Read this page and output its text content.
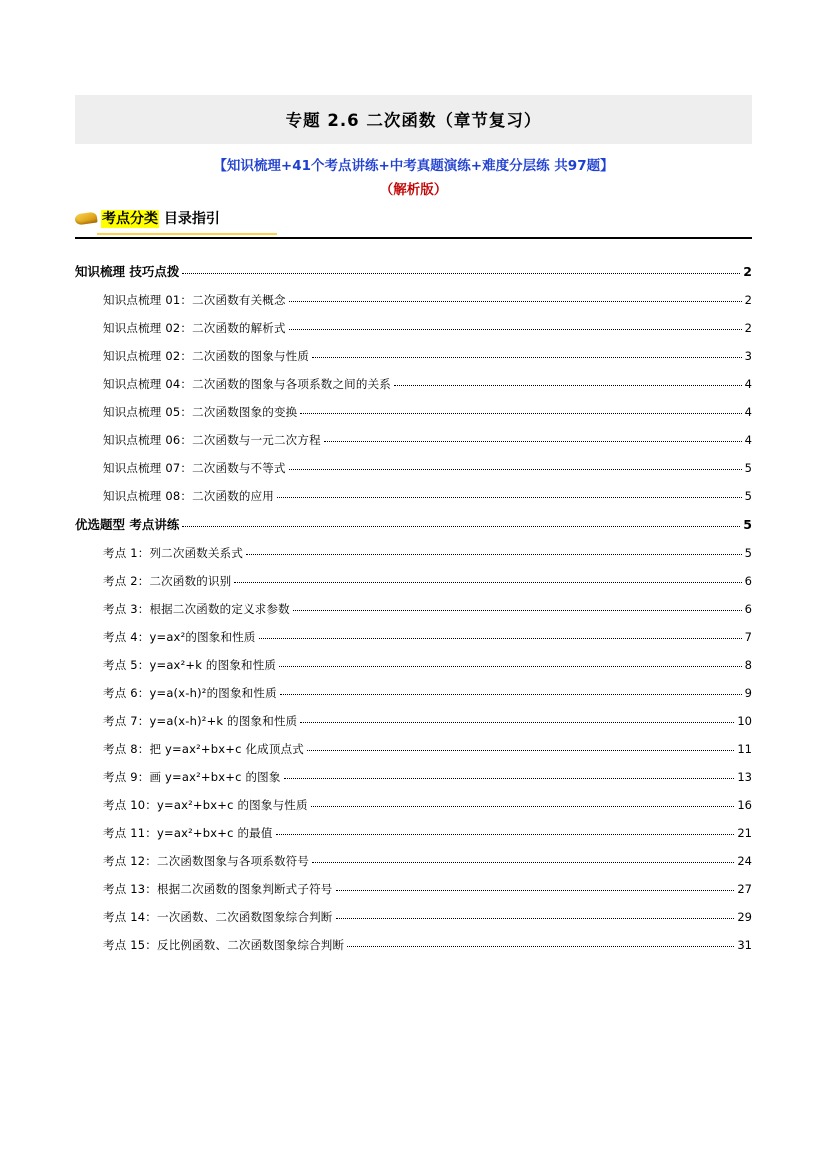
专题 2.6 二次函数（章节复习）
【知识梳理+41个考点讲练+中考真题演练+难度分层练 共97题】
（解析版）
考点分类 目录指引
知识梳理 技巧点拨	2
知识点梳理 01：二次函数有关概念	2
知识点梳理 02：二次函数的解析式	2
知识点梳理 02：二次函数的图象与性质	3
知识点梳理 04：二次函数的图象与各项系数之间的关系	4
知识点梳理 05：二次函数图象的变换	4
知识点梳理 06：二次函数与一元二次方程	4
知识点梳理 07：二次函数与不等式	5
知识点梳理 08：二次函数的应用	5
优选题型 考点讲练	5
考点 1：列二次函数关系式	5
考点 2：二次函数的识别	6
考点 3：根据二次函数的定义求参数	6
考点 4：y=ax²的图象和性质	7
考点 5：y=ax²+k 的图象和性质	8
考点 6：y=a(x-h)²的图象和性质	9
考点 7：y=a(x-h)²+k 的图象和性质	10
考点 8：把 y=ax²+bx+c 化成顶点式	11
考点 9：画 y=ax²+bx+c 的图象	13
考点 10：y=ax²+bx+c 的图象与性质	16
考点 11：y=ax²+bx+c 的最值	21
考点 12：二次函数图象与各项系数符号	24
考点 13：根据二次函数的图象判断式子符号	27
考点 14：一次函数、二次函数图象综合判断	29
考点 15：反比例函数、二次函数图象综合判断	31
